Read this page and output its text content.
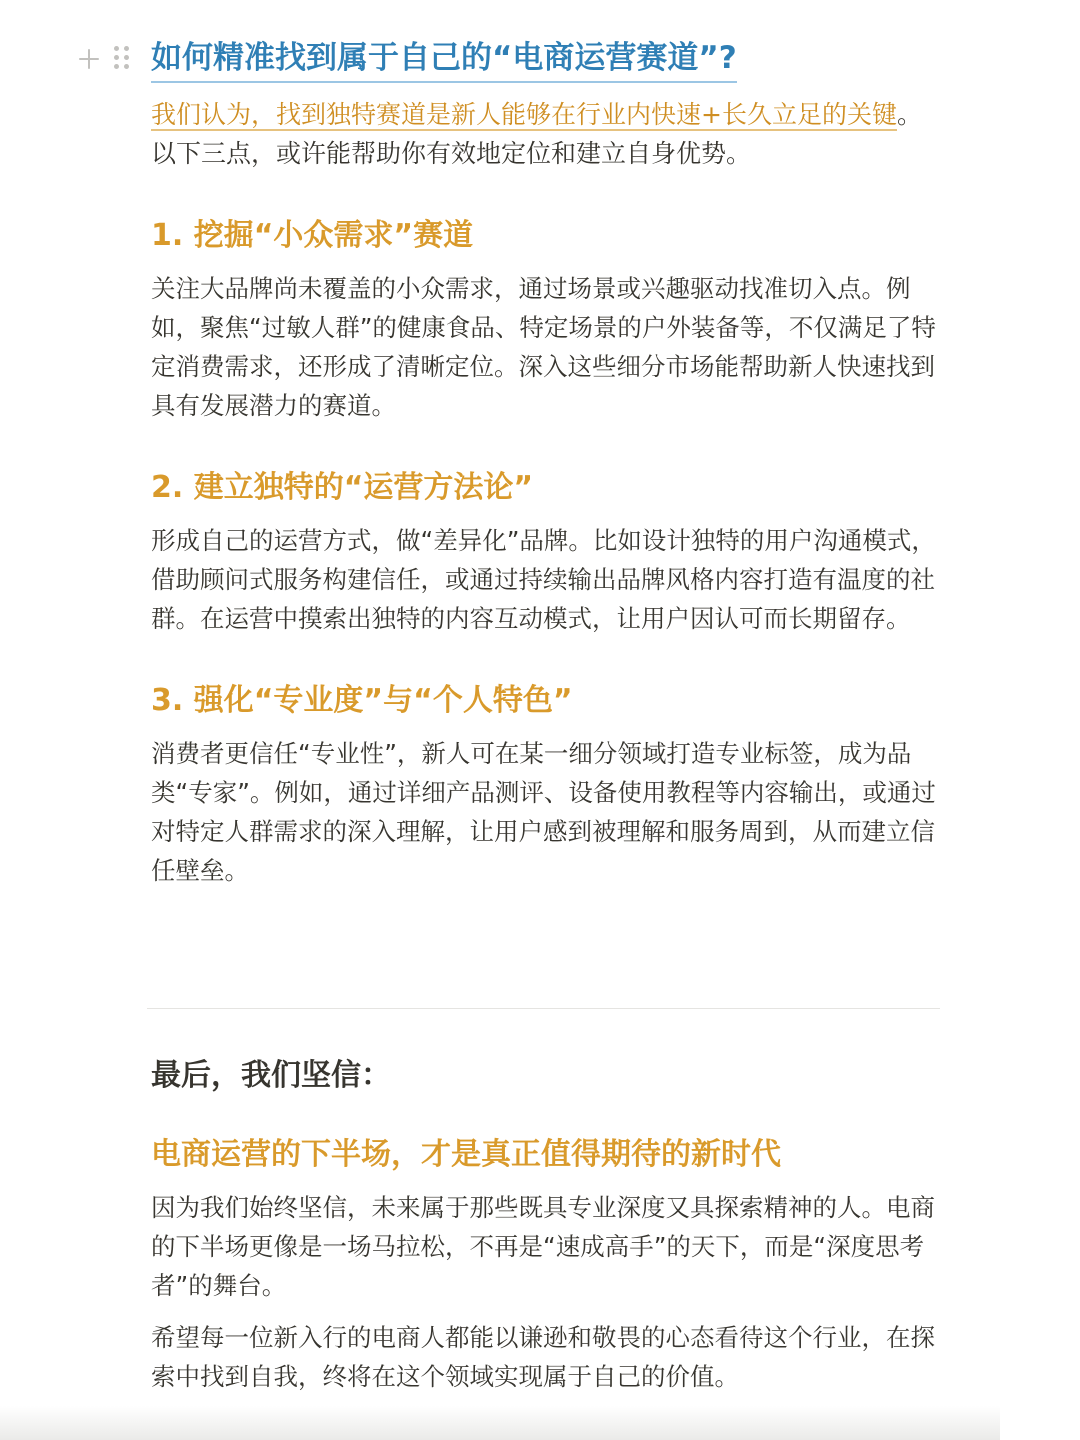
如何精准找到属于自己的“电商运营赛道”?
我们认为，找到独特赛道是新人能够在行业内快速+长久立足的关键。以下三点，或许能帮助你有效地定位和建立自身优势。
1. 挖掘“小众需求”赛道

关注大品牌尚未覆盖的小众需求，通过场景或兴趣驱动找准切入点。例如，聚焦“过敏人群”的健康食品、特定场景的户外装备等，不仅满足了特定消费需求，还形成了清晰定位。深入这些细分市场能帮助新人快速找到具有发展潜力的赛道。

2. 建立独特的“运营方法论”

形成自己的运营方式，做“差异化”品牌。比如设计独特的用户沟通模式，借助顾问式服务构建信任，或通过持续输出品牌风格内容打造有温度的社群。在运营中摸索出独特的内容互动模式，让用户因认可而长期留存。

3. 强化“专业度”与“个人特色”

消费者更信任“专业性”，新人可在某一细分领域打造专业标签，成为品类“专家”。例如，通过详细产品测评、设备使用教程等内容输出，或通过对特定人群需求的深入理解，让用户感到被理解和服务周到，从而建立信任壁垒。

最后，我们坚信：
电商运营的下半场，才是真正值得期待的新时代

因为我们始终坚信，未来属于那些既具专业深度又具探索精神的人。电商的下半场更像是一场马拉松，不再是“速成高手”的天下，而是“深度思考者”的舞台。

希望每一位新入行的电商人都能以谦逊和敬畏的心态看待这个行业，在探索中找到自我，终将在这个领域实现属于自己的价值。
